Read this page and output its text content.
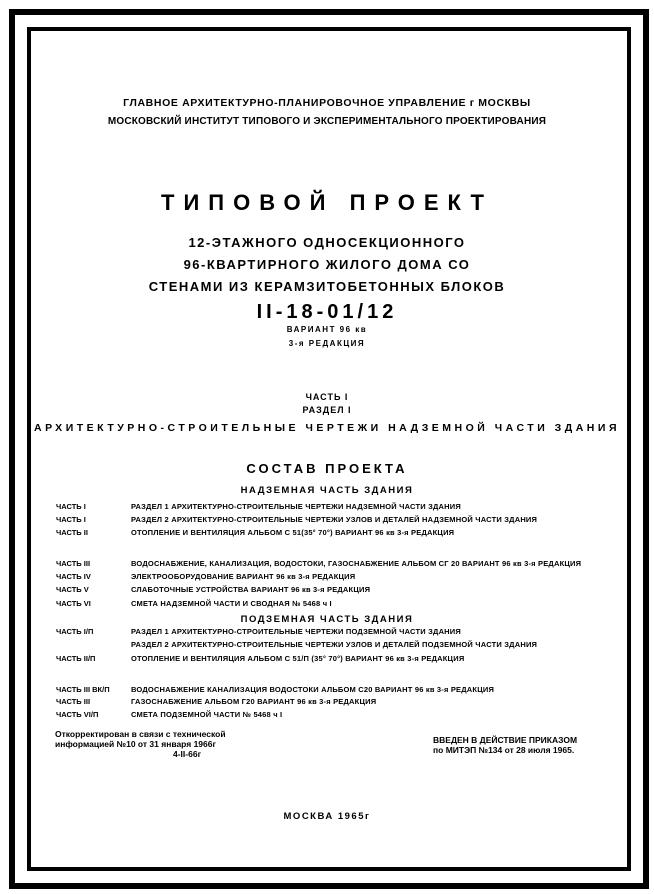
ГЛАВНОЕ АРХИТЕКТУРНО-ПЛАНИРОВОЧНОЕ УПРАВЛЕНИЕ г МОСКВЫ
МОСКОВСКИЙ ИНСТИТУТ ТИПОВОГО И ЭКСПЕРИМЕНТАЛЬНОГО ПРОЕКТИРОВАНИЯ
ТИПОВОЙ ПРОЕКТ
12-ЭТАЖНОГО ОДНОСЕКЦИОННОГО
96-КВАРТИРНОГО ЖИЛОГО ДОМА СО
СТЕНАМИ ИЗ КЕРАМЗИТОБЕТОННЫХ БЛОКОВ
II-18-01/12
ВАРИАНТ 96 кв
3-я РЕДАКЦИЯ
ЧАСТЬ I
РАЗДЕЛ I
АРХИТЕКТУРНО-СТРОИТЕЛЬНЫЕ ЧЕРТЕЖИ НАДЗЕМНОЙ ЧАСТИ ЗДАНИЯ
СОСТАВ ПРОЕКТА
НАДЗЕМНАЯ ЧАСТЬ ЗДАНИЯ
ЧАСТЬ I	РАЗДЕЛ 1 АРХИТЕКТУРНО-СТРОИТЕЛЬНЫЕ ЧЕРТЕЖИ НАДЗЕМНОЙ ЧАСТИ ЗДАНИЯ
ЧАСТЬ I	РАЗДЕЛ 2 АРХИТЕКТУРНО-СТРОИТЕЛЬНЫЕ ЧЕРТЕЖИ УЗЛОВ И ДЕТАЛЕЙ НАДЗЕМНОЙ ЧАСТИ ЗДАНИЯ
ЧАСТЬ II	ОТОПЛЕНИЕ И ВЕНТИЛЯЦИЯ АЛЬБОМ С 51(35° 70°) ВАРИАНТ 96 кв 3-я РЕДАКЦИЯ
ЧАСТЬ III	ВОДОСНАБЖЕНИЕ, КАНАЛИЗАЦИЯ, ВОДОСТОКИ, ГАЗОСНАБЖЕНИЕ АЛЬБОМ СГ 20 ВАРИАНТ 96 кв 3-я РЕДАКЦИЯ
ЧАСТЬ IV	ЭЛЕКТРООБОРУДОВАНИЕ ВАРИАНТ 96 кв 3-я РЕДАКЦИЯ
ЧАСТЬ V	СЛАБОТОЧНЫЕ УСТРОЙСТВА ВАРИАНТ 96 кв 3-я РЕДАКЦИЯ
ЧАСТЬ VI	СМЕТА НАДЗЕМНОЙ ЧАСТИ И СВОДНАЯ № 5468 ч I
ПОДЗЕМНАЯ ЧАСТЬ ЗДАНИЯ
ЧАСТЬ I/П	РАЗДЕЛ 1 АРХИТЕКТУРНО-СТРОИТЕЛЬНЫЕ ЧЕРТЕЖИ ПОДЗЕМНОЙ ЧАСТИ ЗДАНИЯ
РАЗДЕЛ 2 АРХИТЕКТУРНО-СТРОИТЕЛЬНЫЕ ЧЕРТЕЖИ УЗЛОВ И ДЕТАЛЕЙ ПОДЗЕМНОЙ ЧАСТИ ЗДАНИЯ
ЧАСТЬ II/П	ОТОПЛЕНИЕ И ВЕНТИЛЯЦИЯ АЛЬБОМ С 51/П (35° 70°) ВАРИАНТ 96 кв 3-я РЕДАКЦИЯ
ЧАСТЬ III ВК/П	ВОДОСНАБЖЕНИЕ КАНАЛИЗАЦИЯ ВОДОСТОКИ АЛЬБОМ С20 ВАРИАНТ 96 кв 3-я РЕДАКЦИЯ
ЧАСТЬ III	ГАЗОСНАБЖЕНИЕ АЛЬБОМ Г20 ВАРИАНТ 96 кв 3-я РЕДАКЦИЯ
ЧАСТЬ VI/П	СМЕТА ПОДЗЕМНОЙ ЧАСТИ № 5468 ч I
Откорректирован в связи с технической
информацией №10 от 31 января 1966г
4-II-66г
ВВЕДЕН В ДЕЙСТВИЕ ПРИКАЗОМ
по МИТЭП №134 от 28 июля 1965.
МОСКВА 1965г
